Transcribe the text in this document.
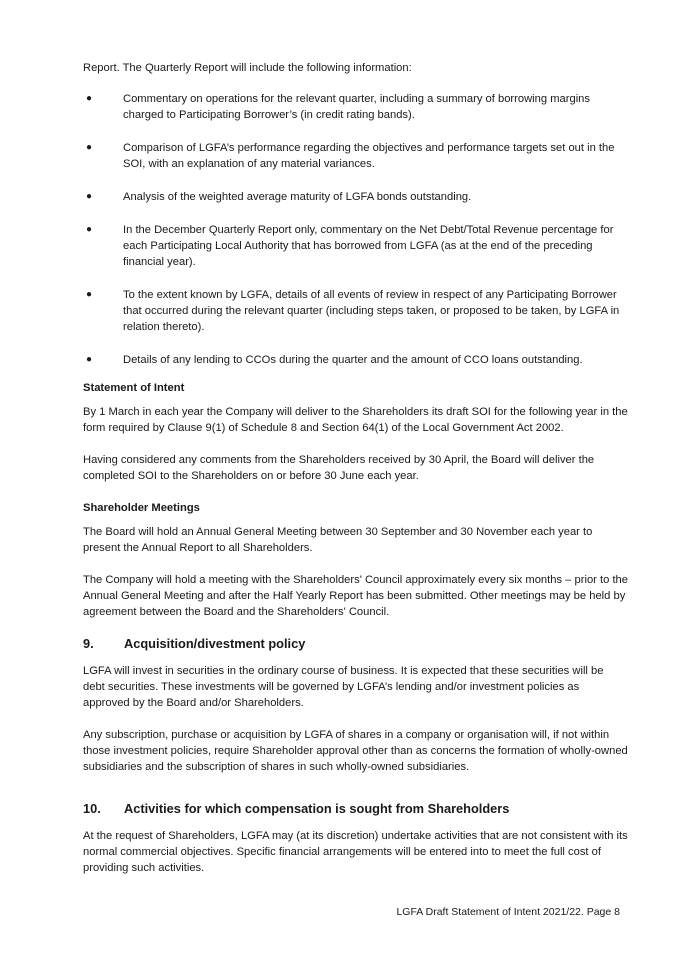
Report. The Quarterly Report will include the following information:

●	Commentary on operations for the relevant quarter, including a summary of borrowing margins charged to Participating Borrower’s (in credit rating bands).
●	Comparison of LGFA’s performance regarding the objectives and performance targets set out in the SOI, with an explanation of any material variances.
●	Analysis of the weighted average maturity of LGFA bonds outstanding.
●	In the December Quarterly Report only, commentary on the Net Debt/Total Revenue percentage for each Participating Local Authority that has borrowed from LGFA (as at the end of the preceding financial year).
●	To the extent known by LGFA, details of all events of review in respect of any Participating Borrower that occurred during the relevant quarter (including steps taken, or proposed to be taken, by LGFA in relation thereto).
●	Details of any lending to CCOs during the quarter and the amount of CCO loans outstanding.

Statement of Intent

By 1 March in each year the Company will deliver to the Shareholders its draft SOI for the following year in the form required by Clause 9(1) of Schedule 8 and Section 64(1) of the Local Government Act 2002.

Having considered any comments from the Shareholders received by 30 April, the Board will deliver the completed SOI to the Shareholders on or before 30 June each year.

Shareholder Meetings

The Board will hold an Annual General Meeting between 30 September and 30 November each year to present the Annual Report to all Shareholders.

The Company will hold a meeting with the Shareholders' Council approximately every six months – prior to the Annual General Meeting and after the Half Yearly Report has been submitted. Other meetings may be held by agreement between the Board and the Shareholders' Council.

9.	Acquisition/divestment policy

LGFA will invest in securities in the ordinary course of business. It is expected that these securities will be debt securities. These investments will be governed by LGFA’s lending and/or investment policies as approved by the Board and/or Shareholders.

Any subscription, purchase or acquisition by LGFA of shares in a company or organisation will, if not within those investment policies, require Shareholder approval other than as concerns the formation of wholly-owned subsidiaries and the subscription of shares in such wholly-owned subsidiaries.

10.	Activities for which compensation is sought from Shareholders

At the request of Shareholders, LGFA may (at its discretion) undertake activities that are not consistent with its normal commercial objectives. Specific financial arrangements will be entered into to meet the full cost of providing such activities.

LGFA Draft Statement of Intent 2021/22. Page 8
